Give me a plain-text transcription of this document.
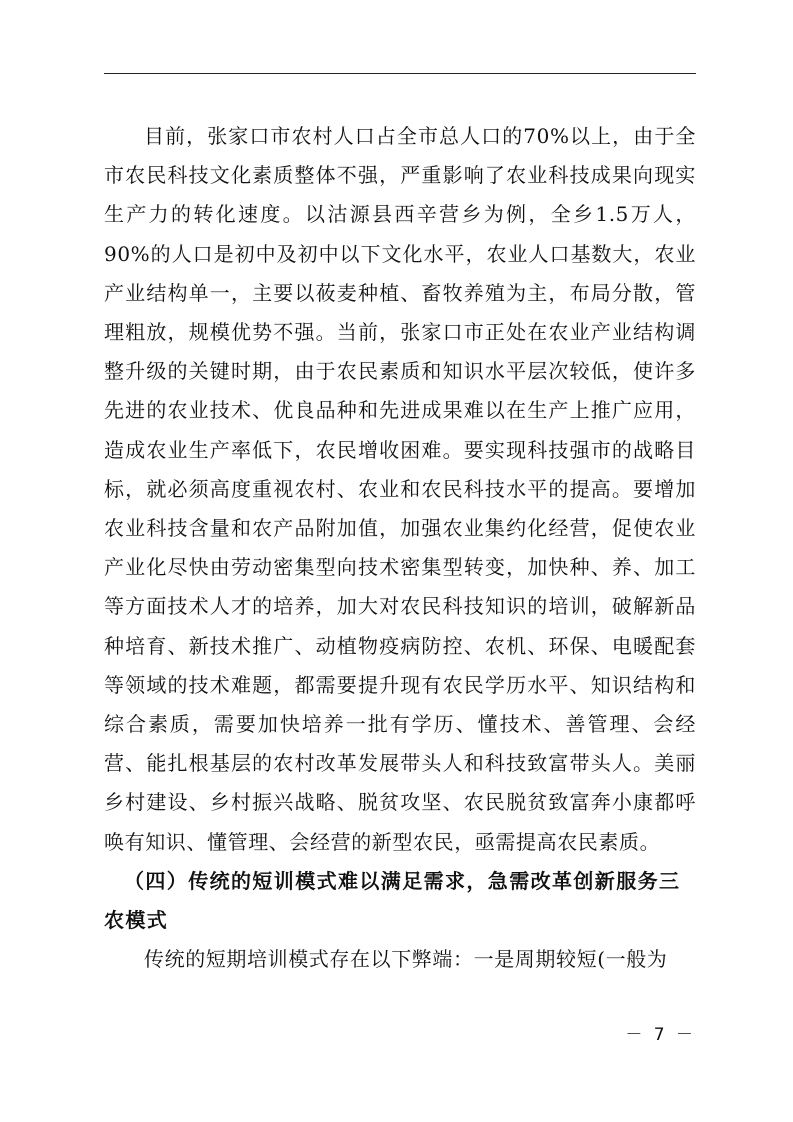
目前，张家口市农村人口占全市总人口的70%以上，由于全市农民科技文化素质整体不强，严重影响了农业科技成果向现实生产力的转化速度。以沽源县西辛营乡为例，全乡1.5万人，90%的人口是初中及初中以下文化水平，农业人口基数大，农业产业结构单一，主要以莜麦种植、畜牧养殖为主，布局分散，管理粗放，规模优势不强。当前，张家口市正处在农业产业结构调整升级的关键时期，由于农民素质和知识水平层次较低，使许多先进的农业技术、优良品种和先进成果难以在生产上推广应用，造成农业生产率低下，农民增收困难。要实现科技强市的战略目标，就必须高度重视农村、农业和农民科技水平的提高。要增加农业科技含量和农产品附加值，加强农业集约化经营，促使农业产业化尽快由劳动密集型向技术密集型转变，加快种、养、加工等方面技术人才的培养，加大对农民科技知识的培训，破解新品种培育、新技术推广、动植物疫病防控、农机、环保、电暖配套等领域的技术难题，都需要提升现有农民学历水平、知识结构和综合素质，需要加快培养一批有学历、懂技术、善管理、会经营、能扎根基层的农村改革发展带头人和科技致富带头人。美丽乡村建设、乡村振兴战略、脱贫攻坚、农民脱贫致富奔小康都呼唤有知识、懂管理、会经营的新型农民，亟需提高农民素质。

（四）传统的短训模式难以满足需求，急需改革创新服务三农模式

传统的短期培训模式存在以下弊端：一是周期较短(一般为

－ 7 －
